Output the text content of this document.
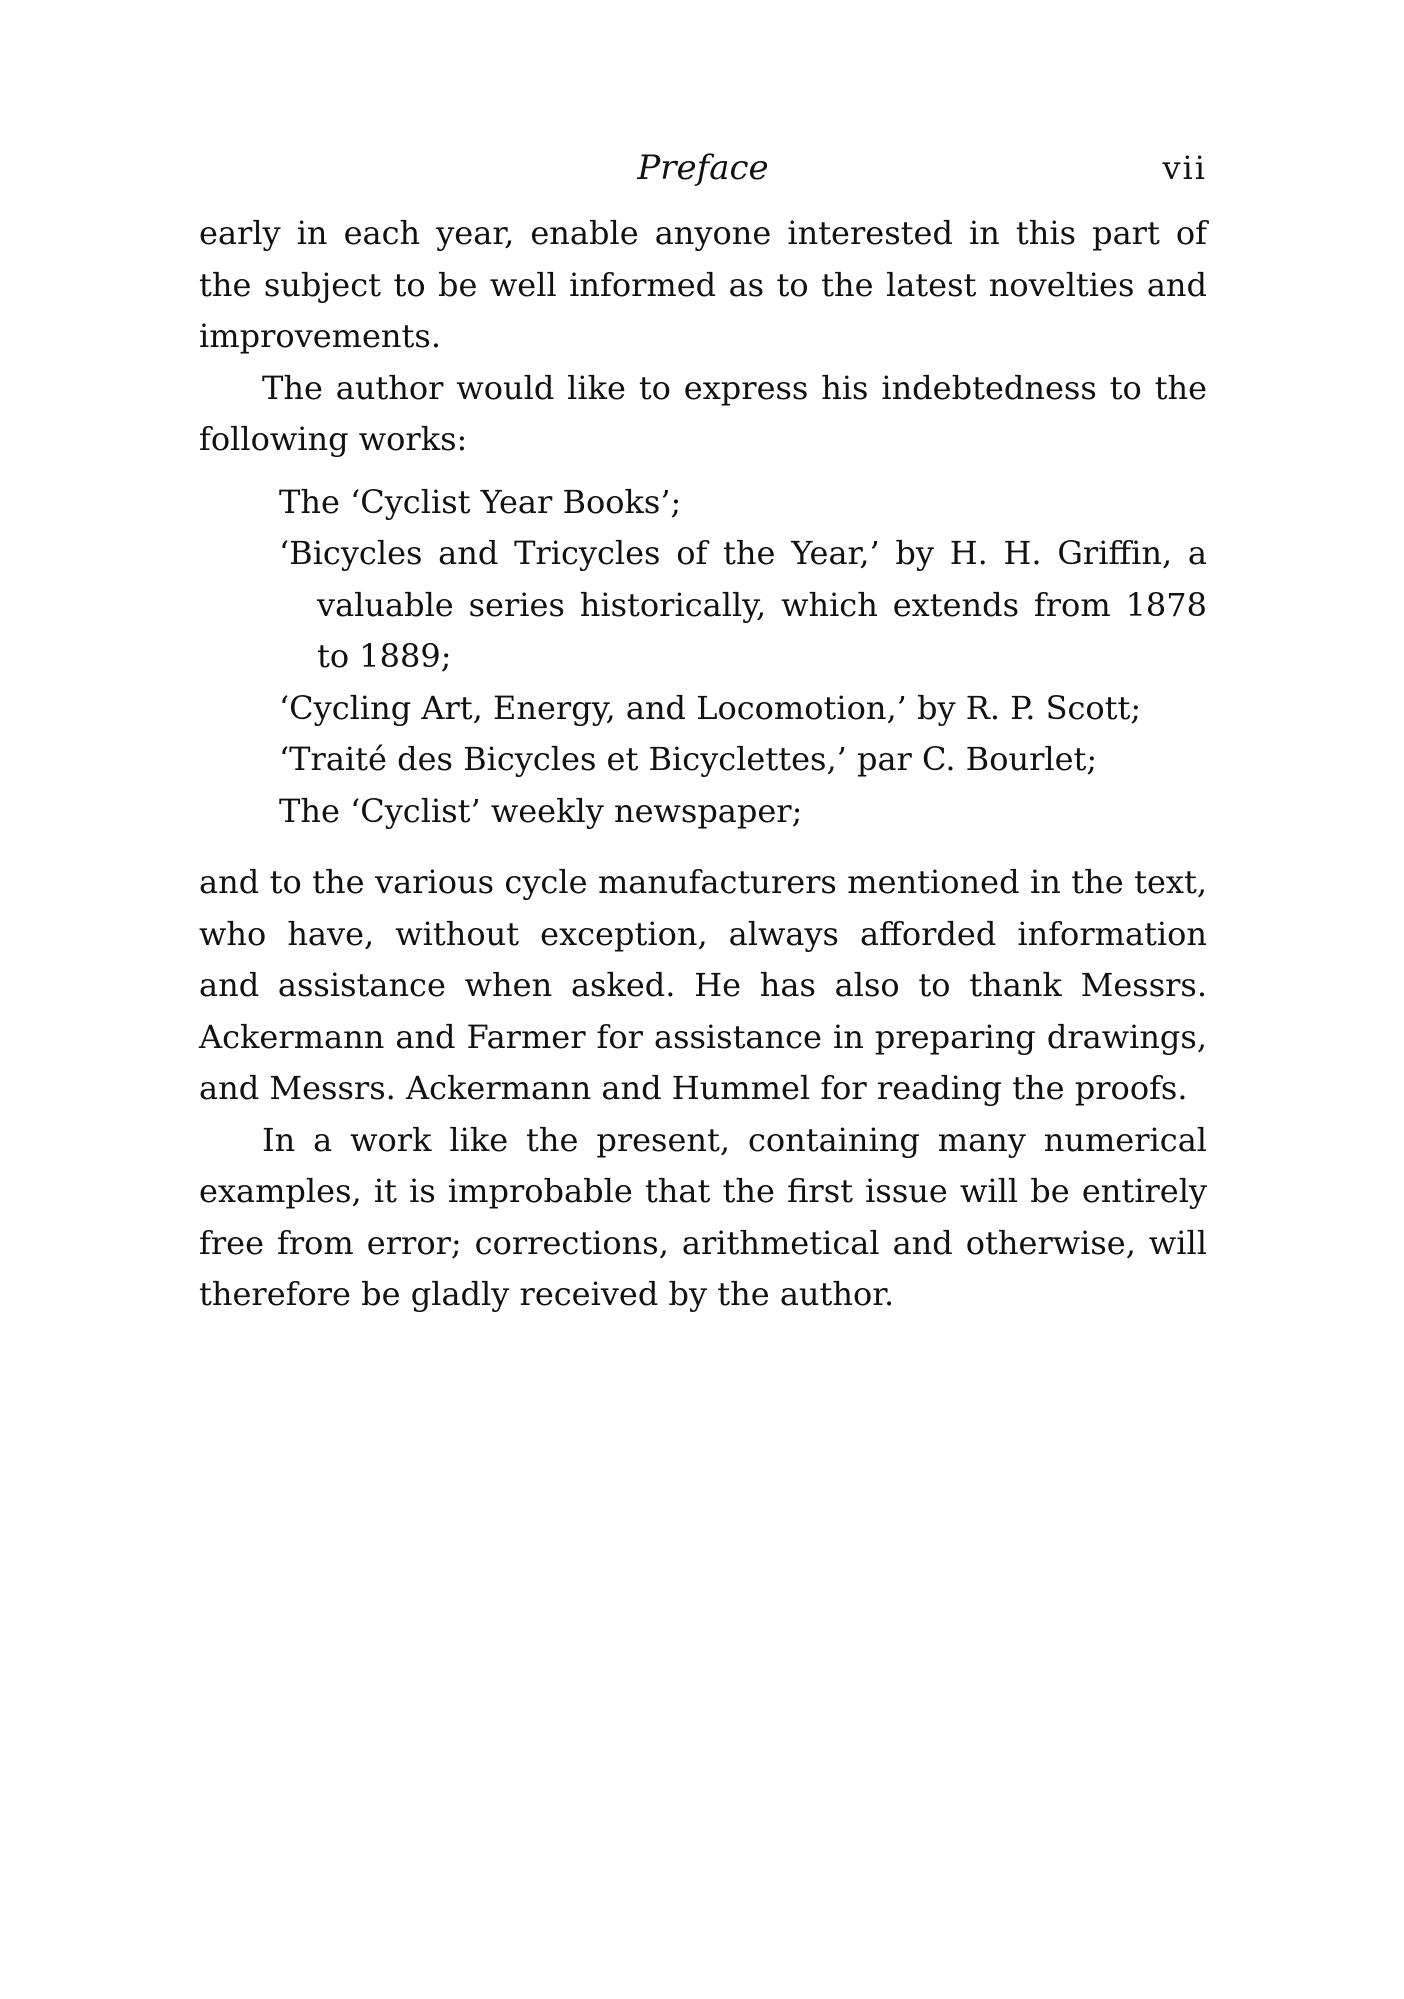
Preface	vii

early in each year, enable anyone interested in this part of the subject to be well informed as to the latest novelties and improvements.

The author would like to express his indebtedness to the following works:

The ‘Cyclist Year Books’;
‘Bicycles and Tricycles of the Year,’ by H. H. Griffin, a valuable series historically, which extends from 1878 to 1889;
‘Cycling Art, Energy, and Locomotion,’ by R. P. Scott;
‘Traité des Bicycles et Bicyclettes,’ par C. Bourlet;
The ‘Cyclist’ weekly newspaper;

and to the various cycle manufacturers mentioned in the text, who have, without exception, always afforded information and assistance when asked. He has also to thank Messrs. Ackermann and Farmer for assistance in preparing drawings, and Messrs. Ackermann and Hummel for reading the proofs.

In a work like the present, containing many numerical examples, it is improbable that the first issue will be entirely free from error; corrections, arithmetical and otherwise, will therefore be gladly received by the author.
